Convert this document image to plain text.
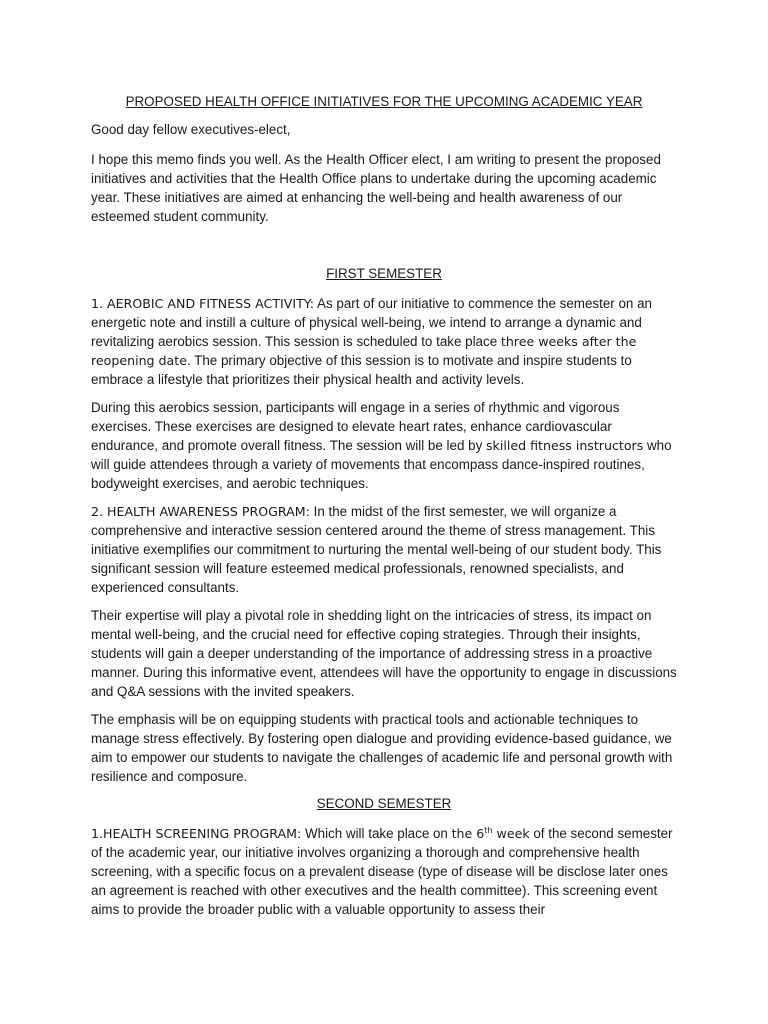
PROPOSED HEALTH OFFICE INITIATIVES FOR THE UPCOMING ACADEMIC YEAR
Good day fellow executives-elect,
I hope this memo finds you well. As the Health Officer elect, I am writing to present the proposed initiatives and activities that the Health Office plans to undertake during the upcoming academic year. These initiatives are aimed at enhancing the well-being and health awareness of our esteemed student community.
FIRST SEMESTER
1. AEROBIC AND FITNESS ACTIVITY: As part of our initiative to commence the semester on an energetic note and instill a culture of physical well-being, we intend to arrange a dynamic and revitalizing aerobics session. This session is scheduled to take place three weeks after the reopening date. The primary objective of this session is to motivate and inspire students to embrace a lifestyle that prioritizes their physical health and activity levels.
During this aerobics session, participants will engage in a series of rhythmic and vigorous exercises. These exercises are designed to elevate heart rates, enhance cardiovascular endurance, and promote overall fitness. The session will be led by skilled fitness instructors who will guide attendees through a variety of movements that encompass dance-inspired routines, bodyweight exercises, and aerobic techniques.
2. HEALTH AWARENESS PROGRAM: In the midst of the first semester, we will organize a comprehensive and interactive session centered around the theme of stress management. This initiative exemplifies our commitment to nurturing the mental well-being of our student body. This significant session will feature esteemed medical professionals, renowned specialists, and experienced consultants.
Their expertise will play a pivotal role in shedding light on the intricacies of stress, its impact on mental well-being, and the crucial need for effective coping strategies. Through their insights, students will gain a deeper understanding of the importance of addressing stress in a proactive manner. During this informative event, attendees will have the opportunity to engage in discussions and Q&A sessions with the invited speakers.
The emphasis will be on equipping students with practical tools and actionable techniques to manage stress effectively. By fostering open dialogue and providing evidence-based guidance, we aim to empower our students to navigate the challenges of academic life and personal growth with resilience and composure.
SECOND SEMESTER
1.HEALTH SCREENING PROGRAM: Which will take place on the 6th week of the second semester of the academic year, our initiative involves organizing a thorough and comprehensive health screening, with a specific focus on a prevalent disease (type of disease will be disclose later ones an agreement is reached with other executives and the health committee). This screening event aims to provide the broader public with a valuable opportunity to assess their
